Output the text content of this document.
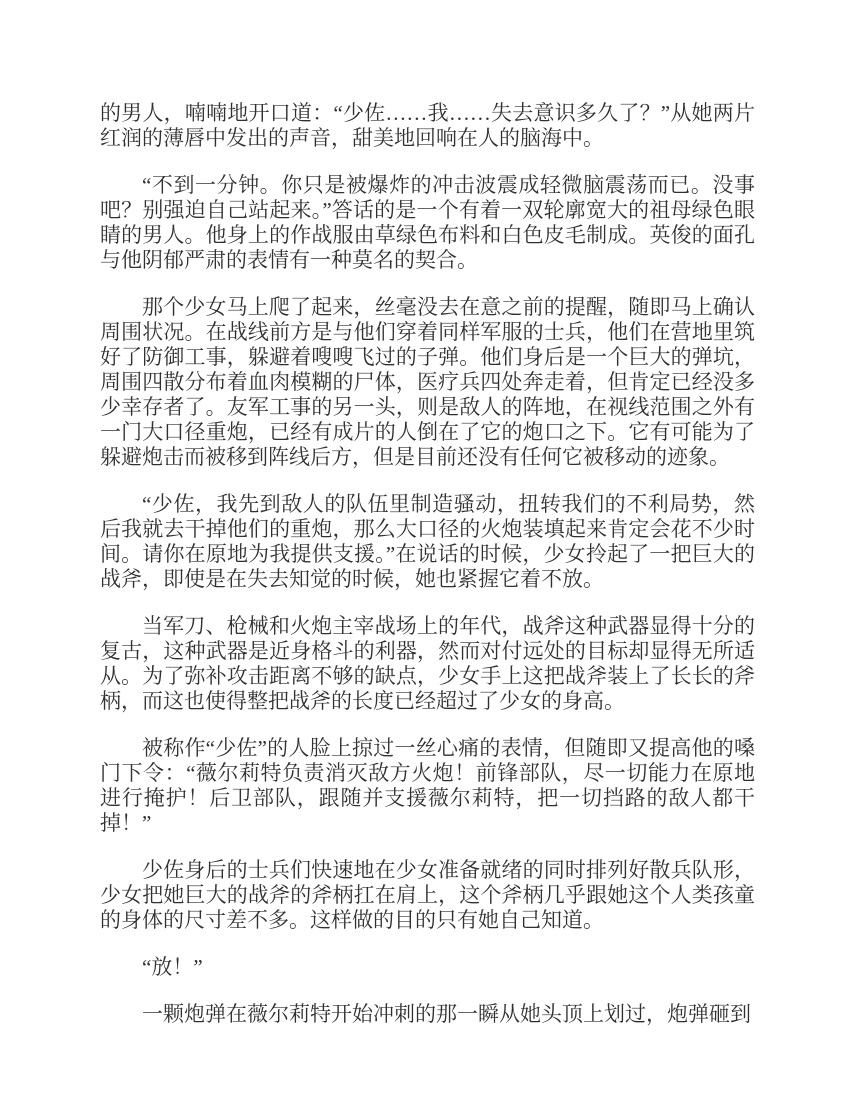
的男人，喃喃地开口道：“少佐……我……失去意识多久了？”从她两片红润的薄唇中发出的声音，甜美地回响在人的脑海中。

“不到一分钟。你只是被爆炸的冲击波震成轻微脑震荡而已。没事吧？别强迫自己站起来。”答话的是一个有着一双轮廓宽大的祖母绿色眼睛的男人。他身上的作战服由草绿色布料和白色皮毛制成。英俊的面孔与他阴郁严肃的表情有一种莫名的契合。

那个少女马上爬了起来，丝毫没去在意之前的提醒，随即马上确认周围状况。在战线前方是与他们穿着同样军服的士兵，他们在营地里筑好了防御工事，躲避着嗖嗖飞过的子弹。他们身后是一个巨大的弹坑，周围四散分布着血肉模糊的尸体，医疗兵四处奔走着，但肯定已经没多少幸存者了。友军工事的另一头，则是敌人的阵地，在视线范围之外有一门大口径重炮，已经有成片的人倒在了它的炮口之下。它有可能为了躲避炮击而被移到阵线后方，但是目前还没有任何它被移动的迹象。

“少佐，我先到敌人的队伍里制造骚动，扭转我们的不利局势，然后我就去干掉他们的重炮，那么大口径的火炮装填起来肯定会花不少时间。请你在原地为我提供支援。”在说话的时候，少女拎起了一把巨大的战斧，即使是在失去知觉的时候，她也紧握它着不放。

当军刀、枪械和火炮主宰战场上的年代，战斧这种武器显得十分的复古，这种武器是近身格斗的利器，然而对付远处的目标却显得无所适从。为了弥补攻击距离不够的缺点，少女手上这把战斧装上了长长的斧柄，而这也使得整把战斧的长度已经超过了少女的身高。

被称作“少佐”的人脸上掠过一丝心痛的表情，但随即又提高他的嗓门下令：“薇尔莉特负责消灭敌方火炮！前锋部队，尽一切能力在原地进行掩护！后卫部队，跟随并支援薇尔莉特，把一切挡路的敌人都干掉！”

少佐身后的士兵们快速地在少女准备就绪的同时排列好散兵队形，少女把她巨大的战斧的斧柄扛在肩上，这个斧柄几乎跟她这个人类孩童的身体的尺寸差不多。这样做的目的只有她自己知道。

“放！”

一颗炮弹在薇尔莉特开始冲刺的那一瞬从她头顶上划过，炮弹砸到
